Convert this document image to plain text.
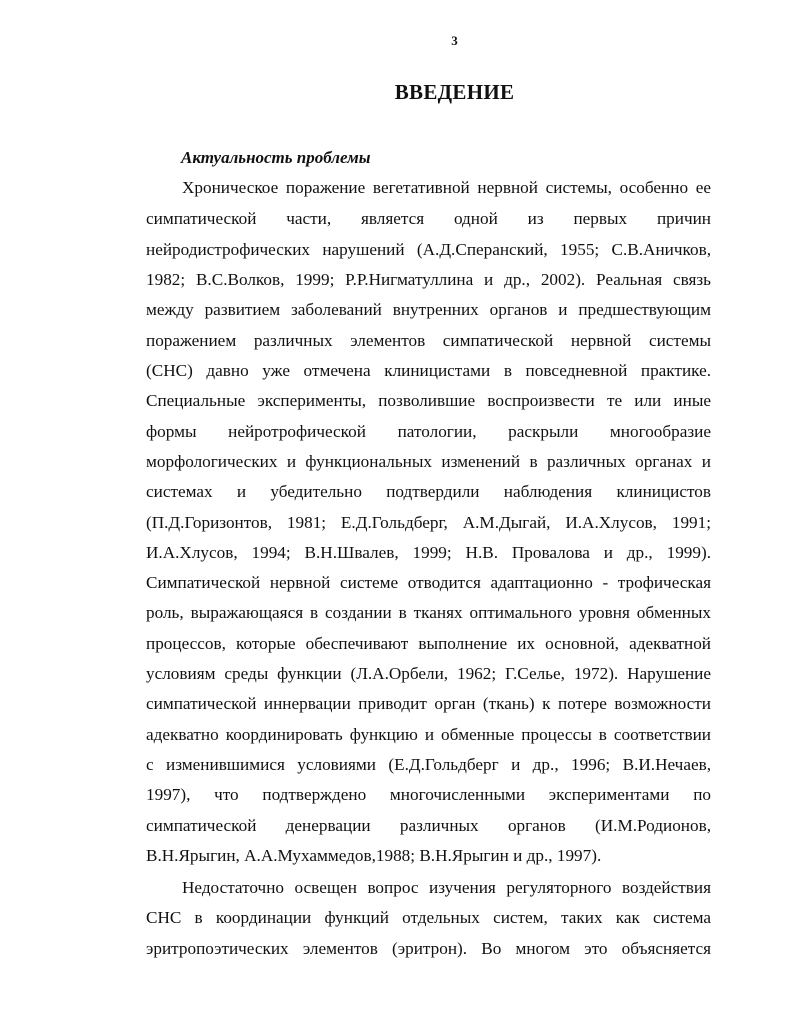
3
ВВЕДЕНИЕ
Актуальность проблемы
Хроническое поражение вегетативной нервной системы, особенно ее
симпатической части, является одной из первых причин
нейродистрофических нарушений (А.Д.Сперанский, 1955; С.В.Аничков,
1982; В.С.Волков, 1999; Р.Р.Нигматуллина и др., 2002). Реальная связь
между развитием заболеваний внутренних органов и предшествующим
поражением различных элементов симпатической нервной системы
(СНС) давно уже отмечена клиницистами в повседневной практике.
Специальные эксперименты, позволившие воспроизвести те или иные
формы нейротрофической патологии, раскрыли многообразие
морфологических и функциональных изменений в различных органах и
системах и убедительно подтвердили наблюдения клиницистов
(П.Д.Горизонтов, 1981; Е.Д.Гольдберг, А.М.Дыгай, И.А.Хлусов, 1991;
И.А.Хлусов, 1994; В.Н.Швалев, 1999; Н.В. Провалова и др., 1999).
Симпатической нервной системе отводится адаптационно - трофическая
роль, выражающаяся в создании в тканях оптимального уровня обменных
процессов, которые обеспечивают выполнение их основной, адекватной
условиям среды функции (Л.А.Орбели, 1962; Г.Селье, 1972). Нарушение
симпатической иннервации приводит орган (ткань) к потере возможности
адекватно координировать функцию и обменные процессы в соответствии
с изменившимися условиями (Е.Д.Гольдберг и др., 1996; В.И.Нечаев,
1997), что подтверждено многочисленными экспериментами по
симпатической денервации различных органов (И.М.Родионов,
В.Н.Ярыгин, А.А.Мухаммедов,1988; В.Н.Ярыгин и др., 1997).
Недостаточно освещен вопрос изучения регуляторного воздействия
СНС в координации функций отдельных систем, таких как система
эритропоэтических элементов (эритрон). Во многом это объясняется
